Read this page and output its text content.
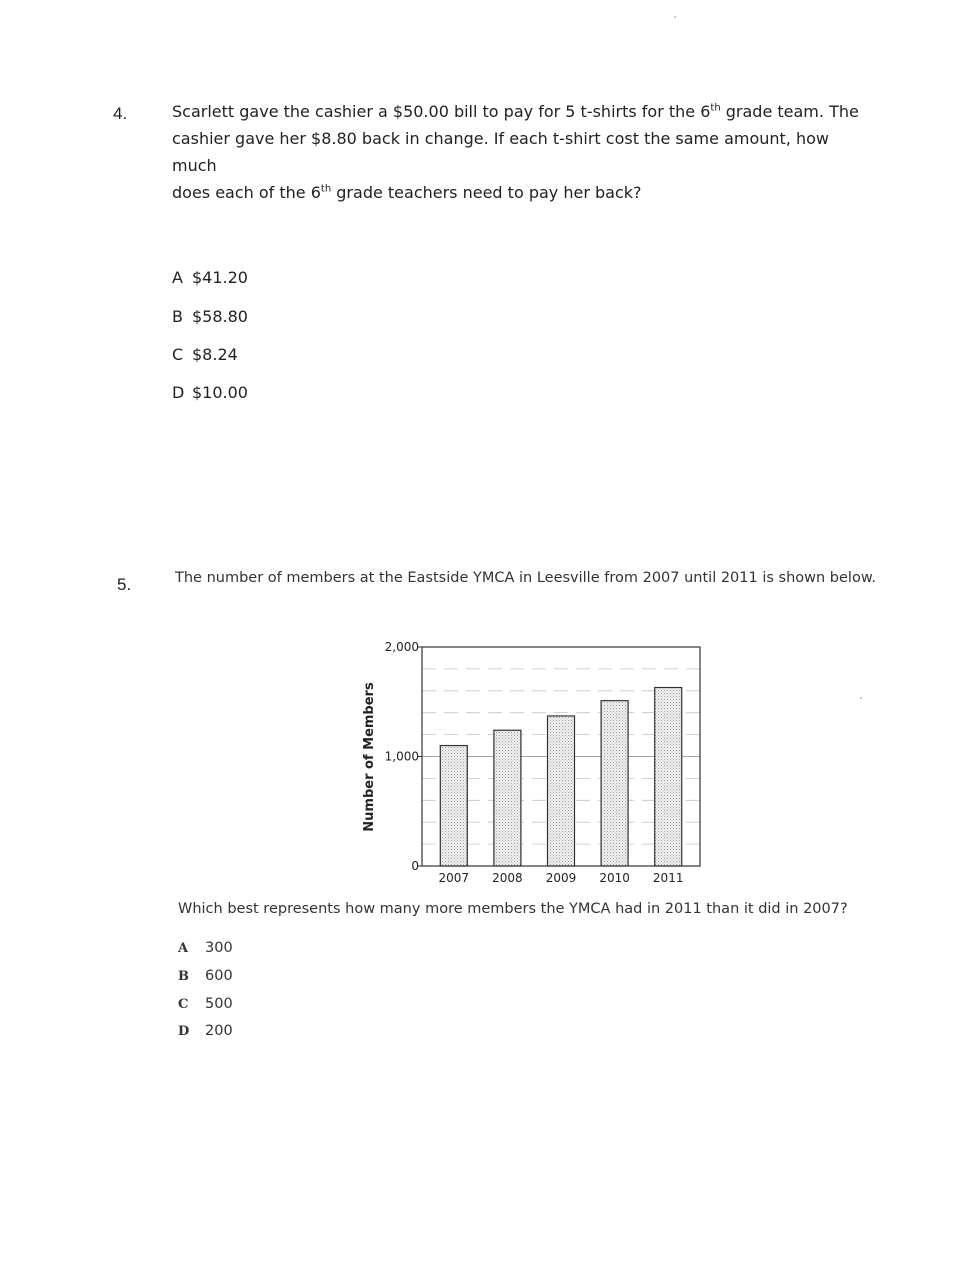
4.	Scarlett gave the cashier a $50.00 bill to pay for 5 t-shirts for the 6th grade team. The
cashier gave her $8.80 back in change. If each t-shirt cost the same amount, how much
does each of the 6th grade teachers need to pay her back?
A $41.20
B $58.80
C $8.24
D $10.00
5.	The number of members at the Eastside YMCA in Leesville from 2007 until 2011 is shown below.
0
1,000
2,000
2007 2008 2009 2010 2011
Number of Members
Which best represents how many more members the YMCA had in 2011 than it did in 2007?
A 300
B 600
C 500
D 200
